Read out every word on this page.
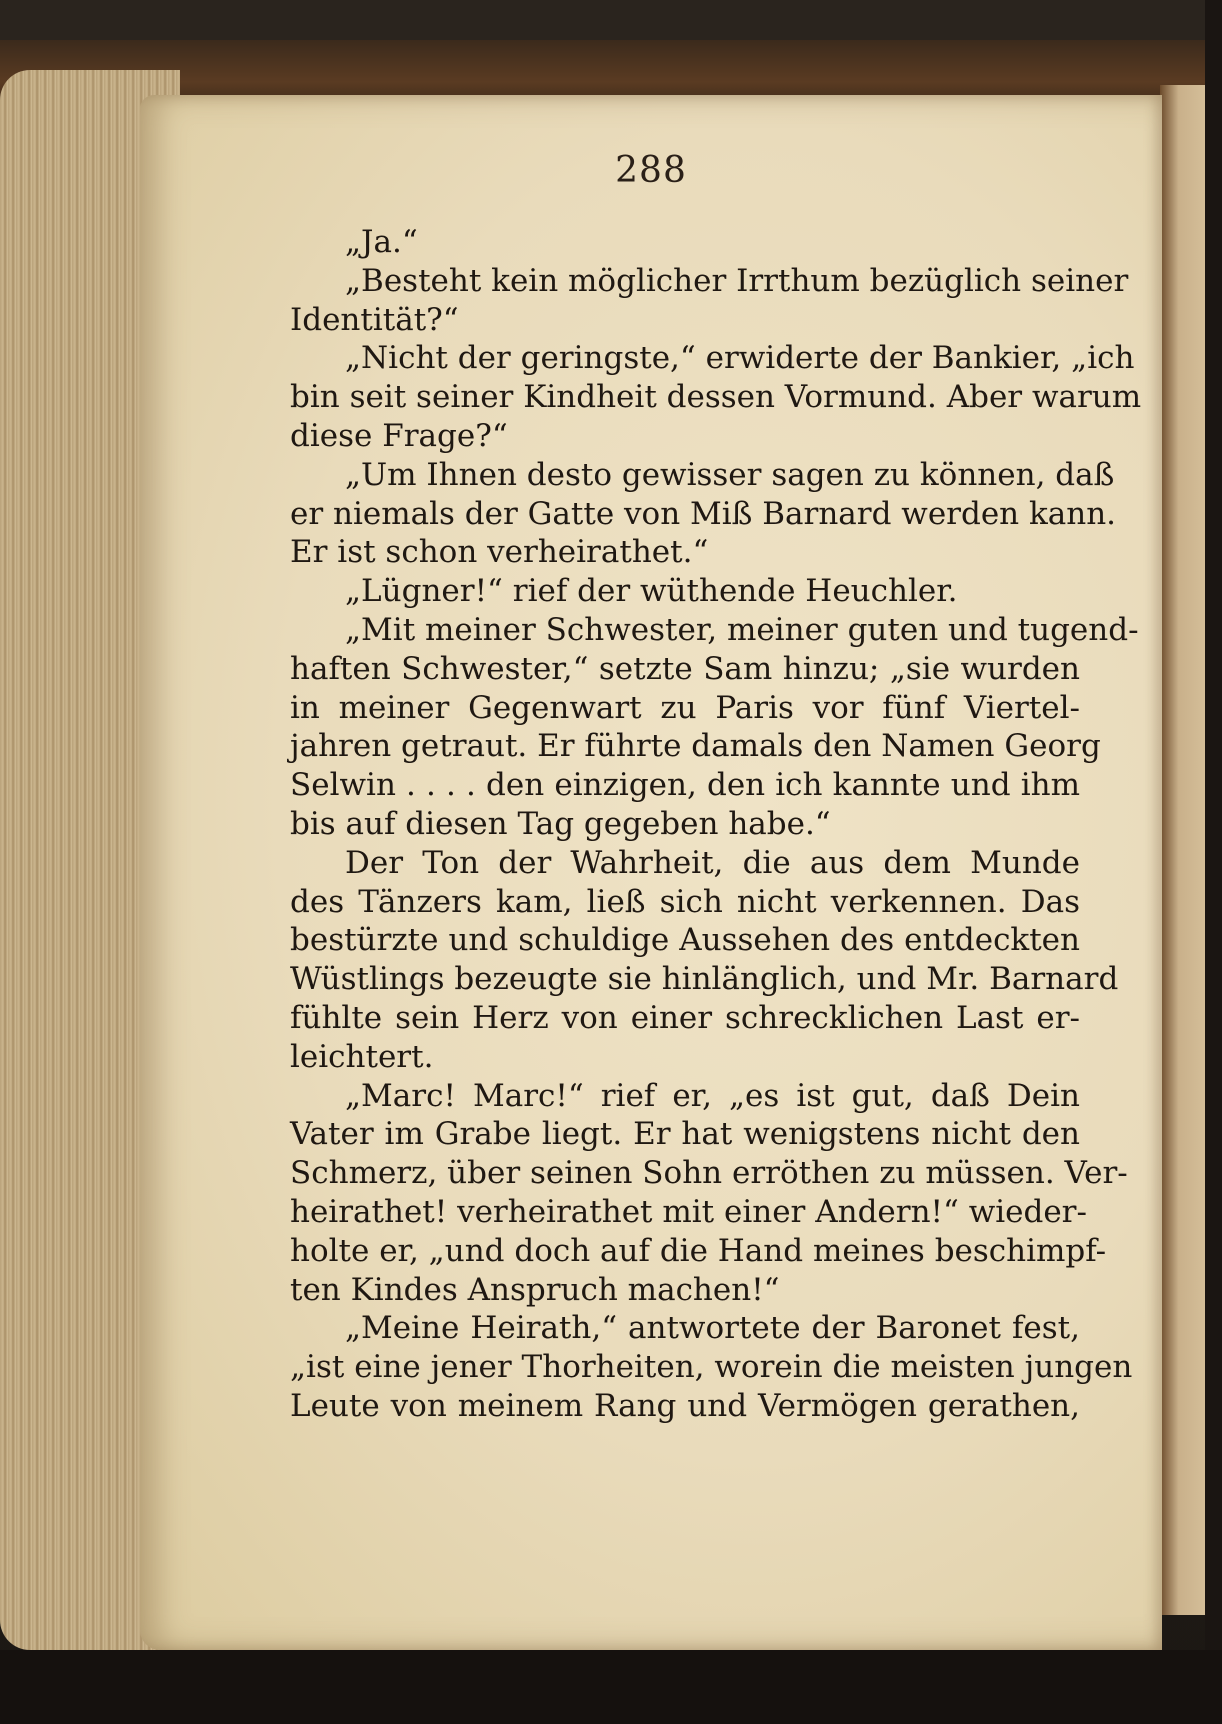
288
„Ja.“
„Besteht kein möglicher Irrthum bezüglich seiner
Identität?“
„Nicht der geringste,“ erwiderte der Bankier, „ich
bin seit seiner Kindheit dessen Vormund. Aber warum
diese Frage?“
„Um Ihnen desto gewisser sagen zu können, daß
er niemals der Gatte von Miß Barnard werden kann.
Er ist schon verheirathet.“
„Lügner!“ rief der wüthende Heuchler.
„Mit meiner Schwester, meiner guten und tugend-
haften Schwester,“ setzte Sam hinzu; „sie wurden
in meiner Gegenwart zu Paris vor fünf Viertel-
jahren getraut. Er führte damals den Namen Georg
Selwin . . . . den einzigen, den ich kannte und ihm
bis auf diesen Tag gegeben habe.“
Der Ton der Wahrheit, die aus dem Munde
des Tänzers kam, ließ sich nicht verkennen. Das
bestürzte und schuldige Aussehen des entdeckten
Wüstlings bezeugte sie hinlänglich, und Mr. Barnard
fühlte sein Herz von einer schrecklichen Last er-
leichtert.
„Marc! Marc!“ rief er, „es ist gut, daß Dein
Vater im Grabe liegt. Er hat wenigstens nicht den
Schmerz, über seinen Sohn erröthen zu müssen. Ver-
heirathet! verheirathet mit einer Andern!“ wieder-
holte er, „und doch auf die Hand meines beschimpf-
ten Kindes Anspruch machen!“
„Meine Heirath,“ antwortete der Baronet fest,
„ist eine jener Thorheiten, worein die meisten jungen
Leute von meinem Rang und Vermögen gerathen,
